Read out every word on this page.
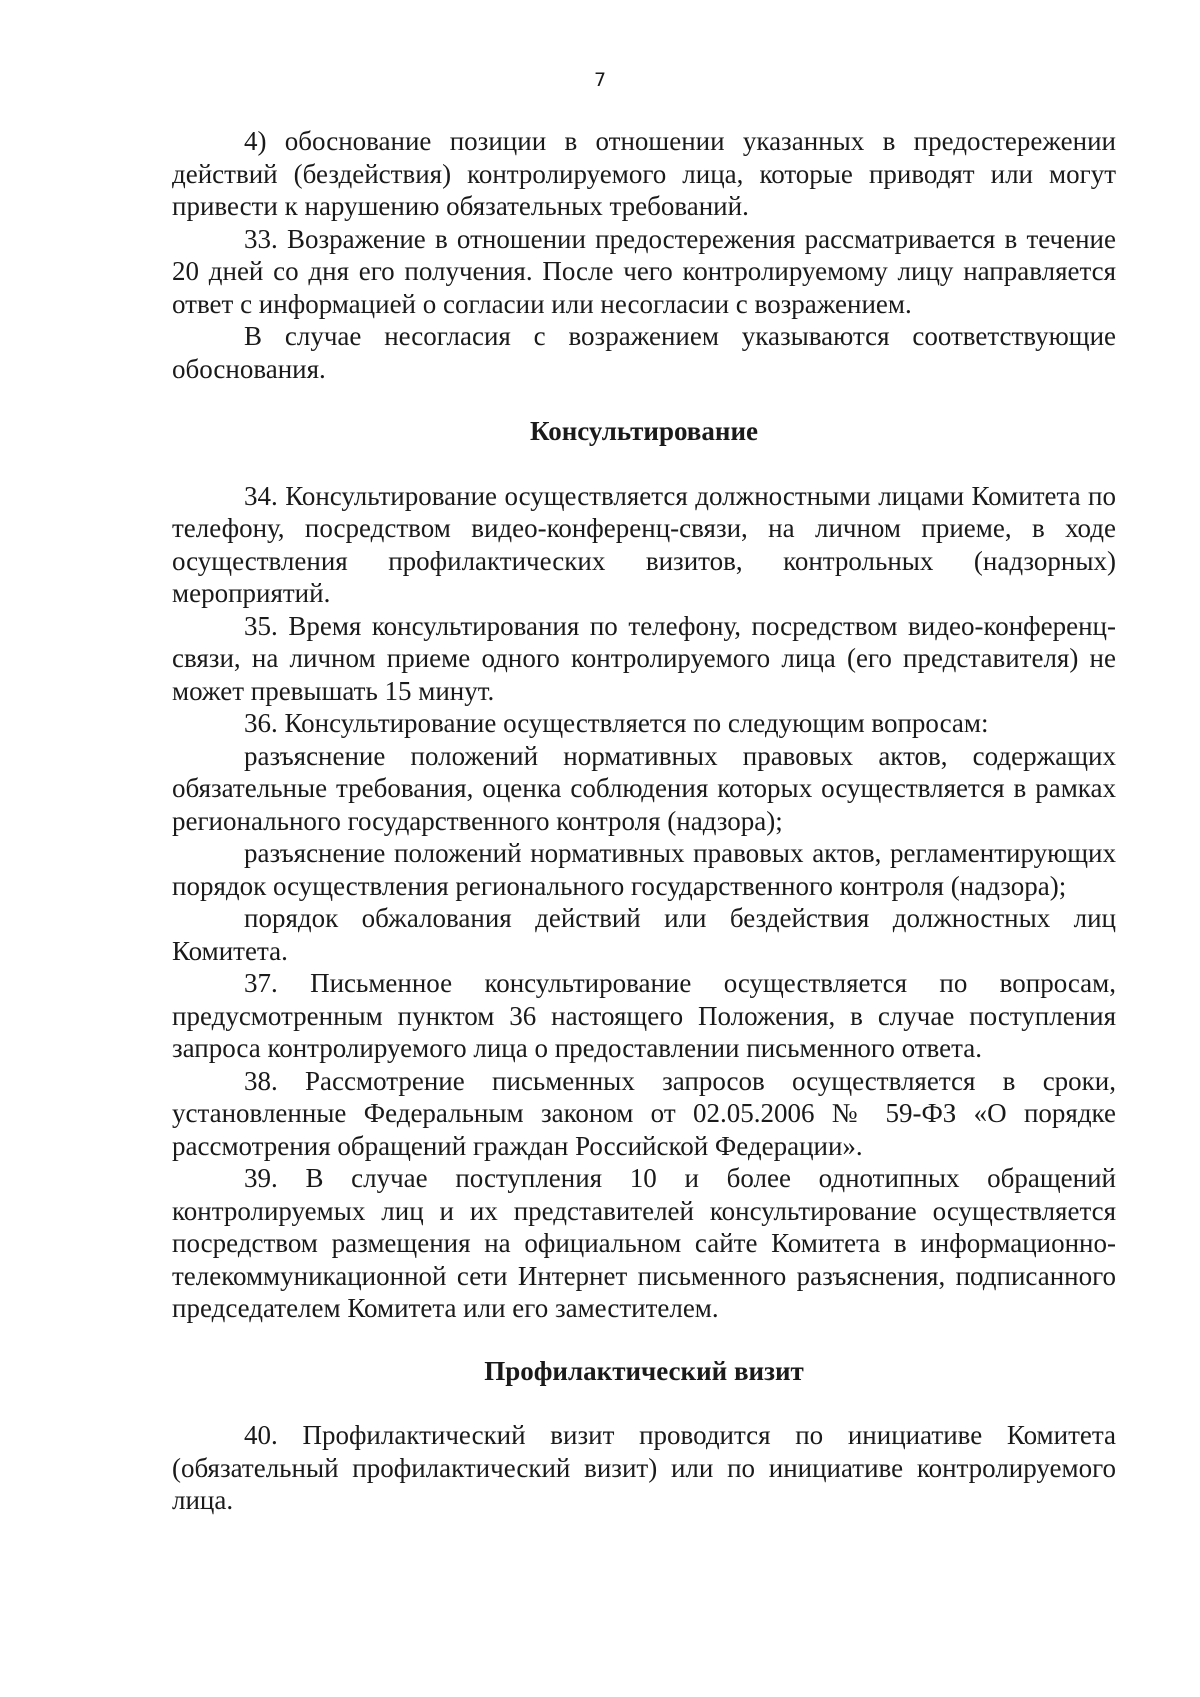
7

4) обоснование позиции в отношении указанных в предостережении действий (бездействия) контролируемого лица, которые приводят или могут привести к нарушению обязательных требований.

33. Возражение в отношении предостережения рассматривается в течение 20 дней со дня его получения. После чего контролируемому лицу направляется ответ с информацией о согласии или несогласии с возражением.

В случае несогласия с возражением указываются соответствующие обоснования.

Консультирование

34. Консультирование осуществляется должностными лицами Комитета по телефону, посредством видео-конференц-связи, на личном приеме, в ходе осуществления профилактических визитов, контрольных (надзорных) мероприятий.

35. Время консультирования по телефону, посредством видео-конференц-связи, на личном приеме одного контролируемого лица (его представителя) не может превышать 15 минут.

36. Консультирование осуществляется по следующим вопросам:

разъяснение положений нормативных правовых актов, содержащих обязательные требования, оценка соблюдения которых осуществляется в рамках регионального государственного контроля (надзора);

разъяснение положений нормативных правовых актов, регламентирующих порядок осуществления регионального государственного контроля (надзора);

порядок обжалования действий или бездействия должностных лиц Комитета.

37. Письменное консультирование осуществляется по вопросам, предусмотренным пунктом 36 настоящего Положения, в случае поступления запроса контролируемого лица о предоставлении письменного ответа.

38. Рассмотрение письменных запросов осуществляется в сроки, установленные Федеральным законом от 02.05.2006 № 59-ФЗ «О порядке рассмотрения обращений граждан Российской Федерации».

39. В случае поступления 10 и более однотипных обращений контролируемых лиц и их представителей консультирование осуществляется посредством размещения на официальном сайте Комитета в информационно-телекоммуникационной сети Интернет письменного разъяснения, подписанного председателем Комитета или его заместителем.

Профилактический визит

40. Профилактический визит проводится по инициативе Комитета (обязательный профилактический визит) или по инициативе контролируемого лица.
